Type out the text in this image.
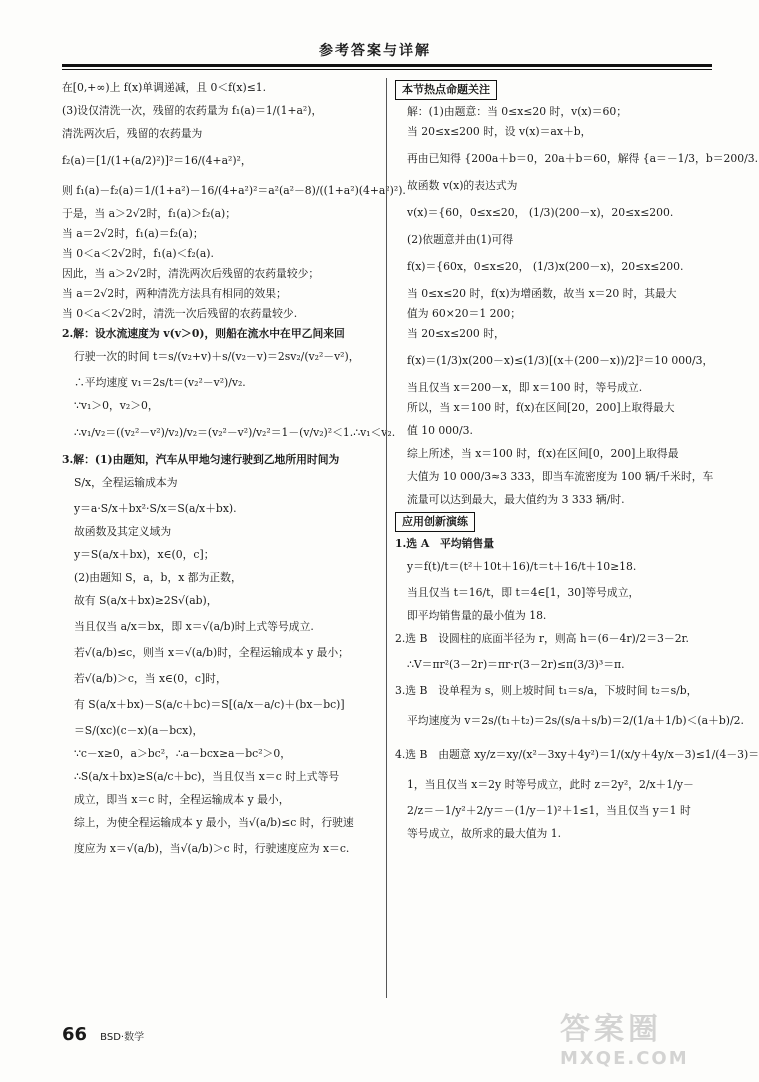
参考答案与详解

在[0,+∞)上 f(x)单调递减，且 0＜f(x)≤1.

(3)设仅清洗一次，残留的农药量为 f₁(a)＝1/(1+a²)，

清洗两次后，残留的农药量为

f₂(a)＝[1/(1+(a/2)²)]²＝16/(4+a²)²，

则 f₁(a)－f₂(a)＝1/(1+a²)－16/(4+a²)²＝a²(a²－8)/((1+a²)(4+a²)²).

于是，当 a＞2√2时，f₁(a)＞f₂(a)；

当 a＝2√2时，f₁(a)＝f₂(a)；

当 0＜a＜2√2时，f₁(a)＜f₂(a).

因此，当 a＞2√2时，清洗两次后残留的农药量较少；

当 a＝2√2时，两种清洗方法具有相同的效果；

当 0＜a＜2√2时，清洗一次后残留的农药量较少.

2.解：设水流速度为 v(v＞0)，则船在流水中在甲乙间来回

行驶一次的时间 t＝s/(v₂+v)＋s/(v₂－v)＝2sv₂/(v₂²－v²)，

∴平均速度 v₁＝2s/t＝(v₂²－v²)/v₂.

∵v₁＞0，v₂＞0，

∴v₁/v₂＝((v₂²－v²)/v₂)/v₂＝(v₂²－v²)/v₂²＝1－(v/v₂)²＜1.∴v₁＜v₂.

3.解：(1)由题知，汽车从甲地匀速行驶到乙地所用时间为

S/x，全程运输成本为

y＝a·S/x＋bx²·S/x＝S(a/x＋bx).

故函数及其定义域为

y＝S(a/x＋bx)，x∈(0，c]；

(2)由题知 S，a，b，x 都为正数，

故有 S(a/x＋bx)≥2S√(ab)，

当且仅当 a/x＝bx，即 x＝√(a/b)时上式等号成立.

若√(a/b)≤c，则当 x＝√(a/b)时，全程运输成本 y 最小；

若√(a/b)＞c，当 x∈(0，c]时，

有 S(a/x＋bx)－S(a/c＋bc)＝S[(a/x－a/c)＋(bx－bc)]

＝S/(xc)(c－x)(a－bcx)，

∵c－x≥0，a＞bc²，∴a－bcx≥a－bc²＞0，

∴S(a/x＋bx)≥S(a/c＋bc)，当且仅当 x＝c 时上式等号

成立，即当 x＝c 时，全程运输成本 y 最小，

综上，为使全程运输成本 y 最小，当√(a/b)≤c 时，行驶速

度应为 x＝√(a/b)，当√(a/b)＞c 时，行驶速度应为 x＝c.

本节热点命题关注

解：(1)由题意：当 0≤x≤20 时，v(x)＝60；

当 20≤x≤200 时，设 v(x)＝ax＋b，

再由已知得 {200a＋b＝0，20a＋b＝60，解得 {a＝－1/3，b＝200/3.

故函数 v(x)的表达式为

v(x)＝{60，0≤x≤20， (1/3)(200－x)，20≤x≤200.

(2)依题意并由(1)可得

f(x)＝{60x，0≤x≤20， (1/3)x(200－x)，20≤x≤200.

当 0≤x≤20 时，f(x)为增函数，故当 x＝20 时，其最大

值为 60×20＝1 200；

当 20≤x≤200 时，

f(x)＝(1/3)x(200－x)≤(1/3)[(x＋(200－x))/2]²＝10 000/3，

当且仅当 x＝200－x，即 x＝100 时，等号成立.

所以，当 x＝100 时，f(x)在区间[20，200]上取得最大

值 10 000/3.

综上所述，当 x＝100 时，f(x)在区间[0，200]上取得最

大值为 10 000/3≈3 333，即当车流密度为 100 辆/千米时，车

流量可以达到最大，最大值约为 3 333 辆/时.

应用创新演练

1.选 A　平均销售量

y＝f(t)/t＝(t²＋10t＋16)/t＝t＋16/t＋10≥18.

当且仅当 t＝16/t，即 t＝4∈[1，30]等号成立，

即平均销售量的最小值为 18.

2.选 B　设圆柱的底面半径为 r，则高 h＝(6－4r)/2＝3－2r.

∴V＝πr²(3－2r)＝πr·r(3－2r)≤π(3/3)³＝π.

3.选 B　设单程为 s，则上坡时间 t₁＝s/a，下坡时间 t₂＝s/b，

平均速度为 v＝2s/(t₁＋t₂)＝2s/(s/a＋s/b)＝2/(1/a＋1/b)＜(a＋b)/2.

4.选 B　由题意 xy/z＝xy/(x²－3xy＋4y²)＝1/(x/y＋4y/x－3)≤1/(4－3)＝

1，当且仅当 x＝2y 时等号成立，此时 z＝2y²，2/x＋1/y－

2/z＝－1/y²＋2/y＝－(1/y－1)²＋1≤1，当且仅当 y＝1 时

等号成立，故所求的最大值为 1.

66 BSD·数学	答案圈
MXQE.COM
